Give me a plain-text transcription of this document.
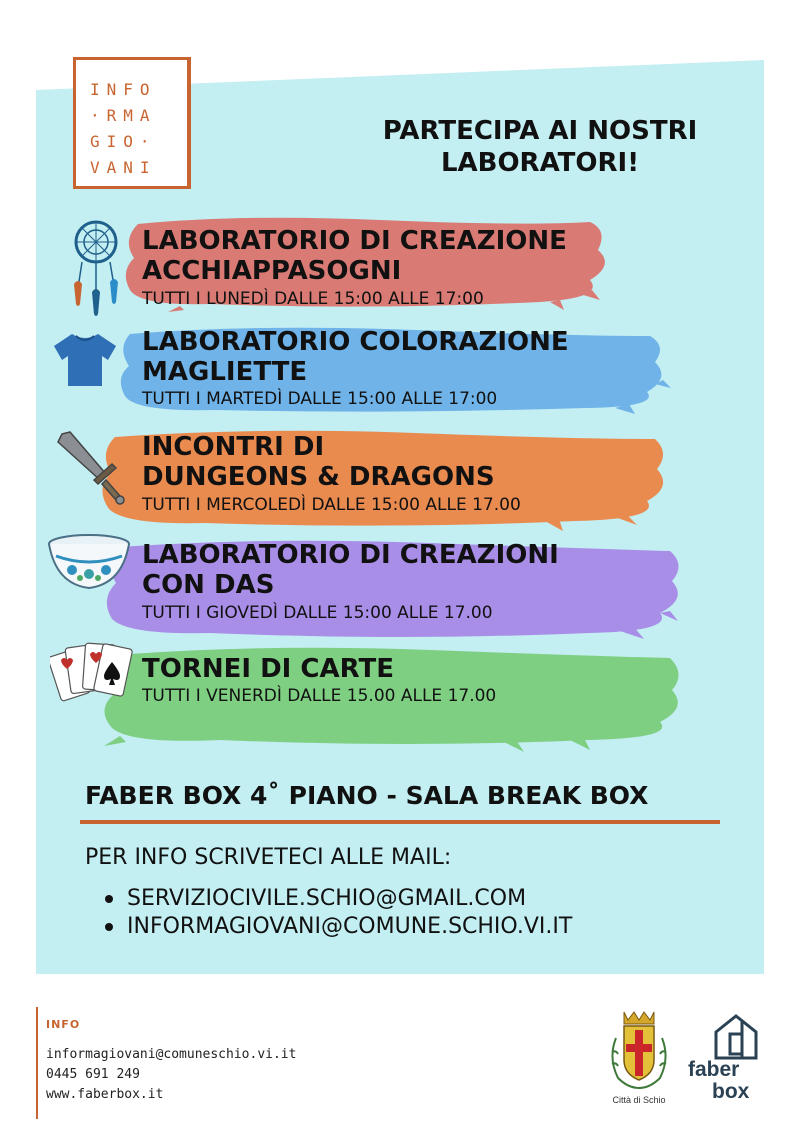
INFO
·RMA
GIO·
VANI
PARTECIPA AI NOSTRI
LABORATORI!
LABORATORIO DI CREAZIONE
ACCHIAPPASOGNI
TUTTI I LUNEDÌ DALLE 15:00 ALLE 17:00
LABORATORIO COLORAZIONE
MAGLIETTE
TUTTI I MARTEDÌ DALLE 15:00 ALLE 17:00
INCONTRI DI
DUNGEONS & DRAGONS
TUTTI I MERCOLEDÌ DALLE 15:00 ALLE 17.00
LABORATORIO DI CREAZIONI
CON DAS
TUTTI I GIOVEDÌ DALLE 15:00 ALLE 17.00
TORNEI DI CARTE
TUTTI I VENERDÌ DALLE 15.00 ALLE 17.00
FABER BOX 4˚ PIANO - SALA BREAK BOX
PER INFO SCRIVETECI ALLE MAIL:
SERVIZIOCIVILE.SCHIO@GMAIL.COM
INFORMAGIOVANI@COMUNE.SCHIO.VI.IT
INFO
informagiovani@comuneschio.vi.it
0445 691 249
www.faberbox.it	Città di Schio
faber
box
